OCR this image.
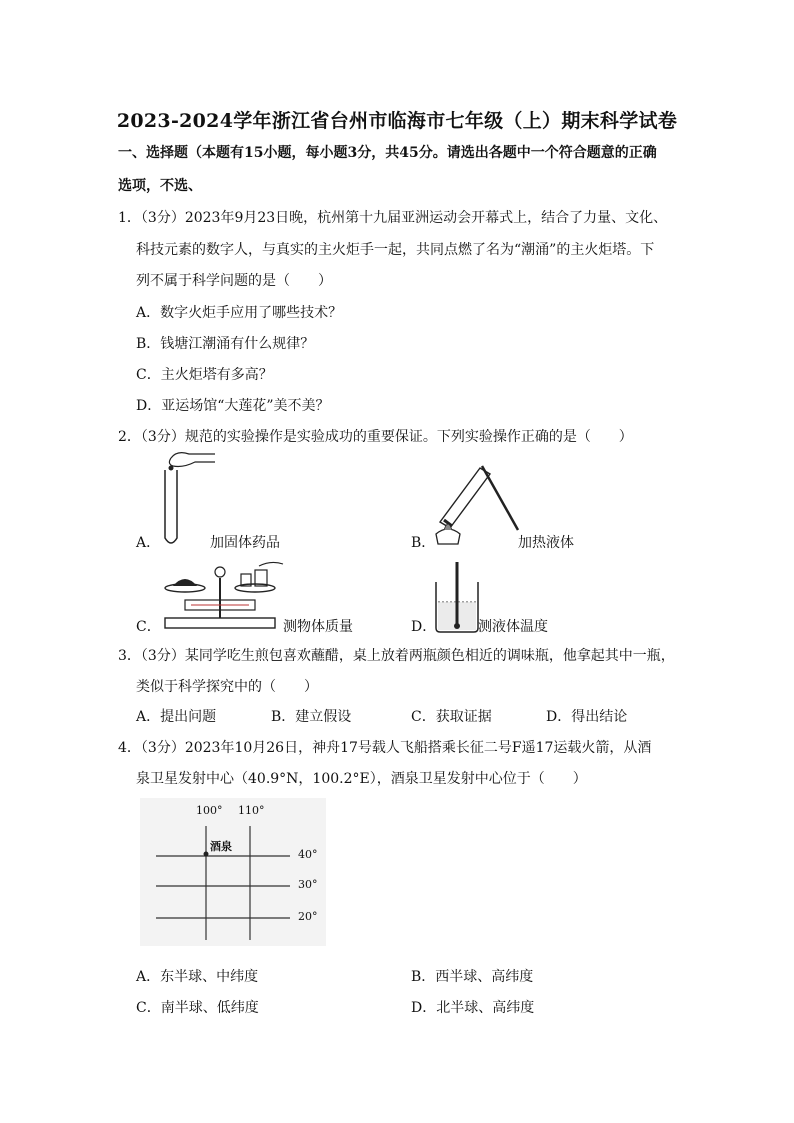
2023-2024学年浙江省台州市临海市七年级（上）期末科学试卷
一、选择题（本题有15小题，每小题3分，共45分。请选出各题中一个符合题意的正确
选项，不选、
1．（3分）2023年9月23日晚，杭州第十九届亚洲运动会开幕式上，结合了力量、文化、
科技元素的数字人，与真实的主火炬手一起，共同点燃了名为“潮涌”的主火炬塔。下
列不属于科学问题的是（　　）
A．数字火炬手应用了哪些技术？
B．钱塘江潮涌有什么规律？
C．主火炬塔有多高？
D．亚运场馆“大莲花”美不美？
2．（3分）规范的实验操作是实验成功的重要保证。下列实验操作正确的是（　　）
A．	加固体药品	B．	加热液体
C．	测物体质量	D．	测液体温度
3．（3分）某同学吃生煎包喜欢蘸醋，桌上放着两瓶颜色相近的调味瓶，他拿起其中一瓶，
类似于科学探究中的（　　）
A．提出问题	B．建立假设	C．获取证据	D．得出结论
4．（3分）2023年10月26日，神舟17号载人飞船搭乘长征二号F遥17运载火箭，从酒
泉卫星发射中心（40.9°N，100.2°E），酒泉卫星发射中心位于（　　）
100° 110°
酒泉
40°
30°
20°
A．东半球、中纬度	B．西半球、高纬度
C．南半球、低纬度	D．北半球、高纬度
